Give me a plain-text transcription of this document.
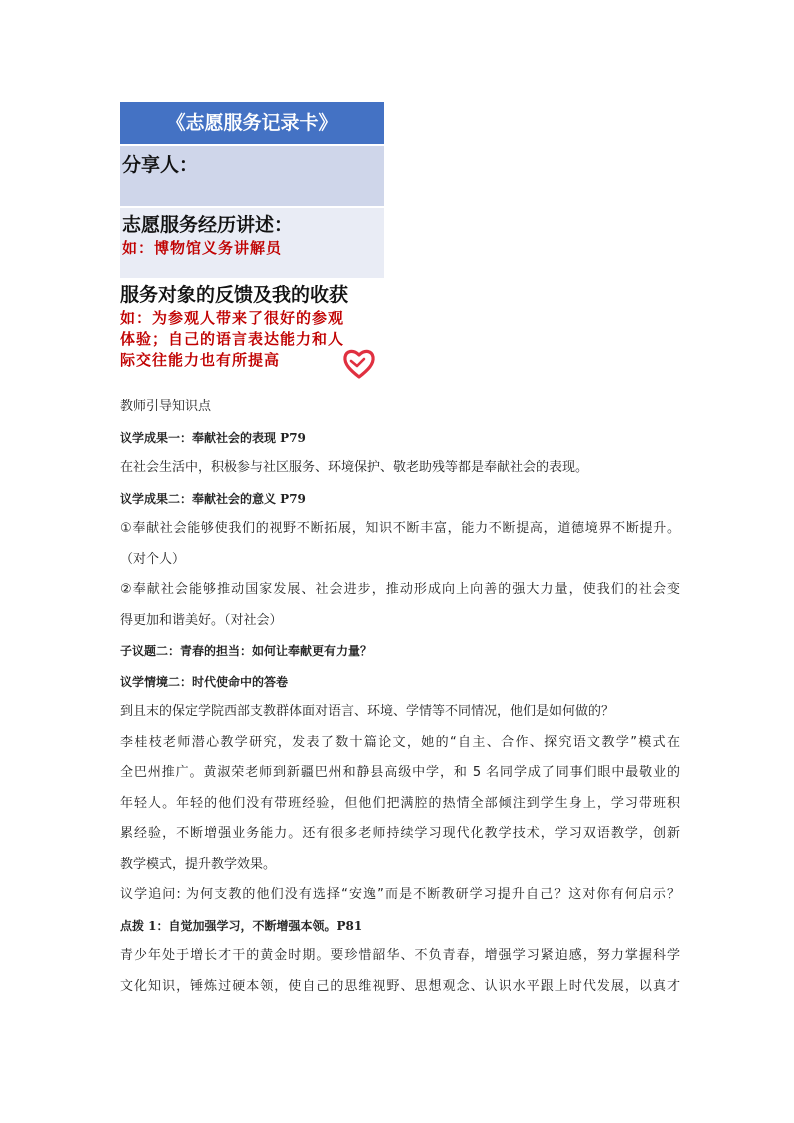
《志愿服务记录卡》
分享人：
志愿服务经历讲述：
如：博物馆义务讲解员
服务对象的反馈及我的收获
如：为参观人带来了很好的参观
体验；自己的语言表达能力和人
际交往能力也有所提高

教师引导知识点

议学成果一：奉献社会的表现 P79

在社会生活中，积极参与社区服务、环境保护、敬老助残等都是奉献社会的表现。

议学成果二：奉献社会的意义 P79

①奉献社会能够使我们的视野不断拓展，知识不断丰富，能力不断提高，道德境界不断提升。

（对个人）

②奉献社会能够推动国家发展、社会进步，推动形成向上向善的强大力量，使我们的社会变

得更加和谐美好。（对社会）

子议题二：青春的担当：如何让奉献更有力量？

议学情境二：时代使命中的答卷

到且末的保定学院西部支教群体面对语言、环境、学情等不同情况，他们是如何做的？

李桂枝老师潜心教学研究，发表了数十篇论文，她的“自主、合作、探究语文教学”模式在

全巴州推广。黄淑荣老师到新疆巴州和静县高级中学，和 5 名同学成了同事们眼中最敬业的

年轻人。年轻的他们没有带班经验，但他们把满腔的热情全部倾注到学生身上，学习带班积

累经验，不断增强业务能力。还有很多老师持续学习现代化教学技术，学习双语教学，创新

教学模式，提升教学效果。

议学追问: 为何支教的他们没有选择“安逸”而是不断教研学习提升自己？这对你有何启示？

点拨 1：自觉加强学习，不断增强本领。P81

青少年处于增长才干的黄金时期。要珍惜韶华、不负青春，增强学习紧迫感，努力掌握科学

文化知识，锤炼过硬本领，使自己的思维视野、思想观念、认识水平跟上时代发展，以真才
